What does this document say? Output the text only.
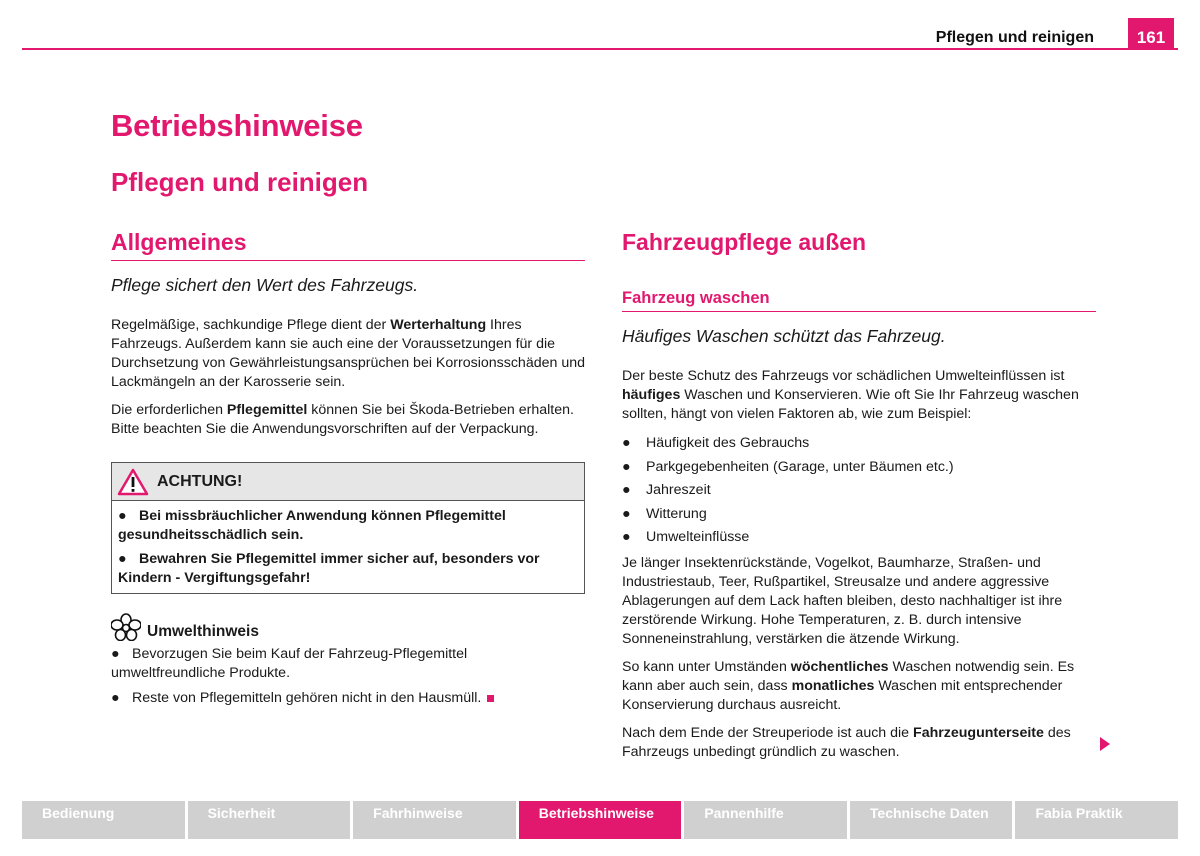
Pflegen und reinigen	161
Betriebshinweise
Pflegen und reinigen
Allgemeines

Pflege sichert den Wert des Fahrzeugs.

Regelmäßige, sachkundige Pflege dient der Werterhaltung Ihres Fahrzeugs. Außerdem kann sie auch eine der Voraussetzungen für die Durchsetzung von Gewährleistungsansprüchen bei Korrosionsschäden und Lackmängeln an der Karosserie sein.

Die erforderlichen Pflegemittel können Sie bei Škoda-Betrieben erhalten. Bitte beachten Sie die Anwendungsvorschriften auf der Verpackung.

ACHTUNG!
● Bei missbräuchlicher Anwendung können Pflegemittel gesundheitsschädlich sein.
● Bewahren Sie Pflegemittel immer sicher auf, besonders vor Kindern - Vergiftungsgefahr!
Umwelthinweis
● Bevorzugen Sie beim Kauf der Fahrzeug-Pflegemittel umweltfreundliche Produkte.
● Reste von Pflegemitteln gehören nicht in den Hausmüll.
Fahrzeugpflege außen
Fahrzeug waschen

Häufiges Waschen schützt das Fahrzeug.

Der beste Schutz des Fahrzeugs vor schädlichen Umwelteinflüssen ist häufiges Waschen und Konservieren. Wie oft Sie Ihr Fahrzeug waschen sollten, hängt von vielen Faktoren ab, wie zum Beispiel:

● Häufigkeit des Gebrauchs
● Parkgegebenheiten (Garage, unter Bäumen etc.)
● Jahreszeit
● Witterung
● Umwelteinflüsse

Je länger Insektenrückstände, Vogelkot, Baumharze, Straßen- und Industriestaub, Teer, Rußpartikel, Streusalze und andere aggressive Ablagerungen auf dem Lack haften bleiben, desto nachhaltiger ist ihre zerstörende Wirkung. Hohe Temperaturen, z. B. durch intensive Sonneneinstrahlung, verstärken die ätzende Wirkung.

So kann unter Umständen wöchentliches Waschen notwendig sein. Es kann aber auch sein, dass monatliches Waschen mit entsprechender Konservierung durchaus ausreicht.

Nach dem Ende der Streuperiode ist auch die Fahrzeugunterseite des Fahrzeugs unbedingt gründlich zu waschen.

Bedienung	Sicherheit	Fahrhinweise	Betriebshinweise	Pannenhilfe	Technische Daten	Fabia Praktik
